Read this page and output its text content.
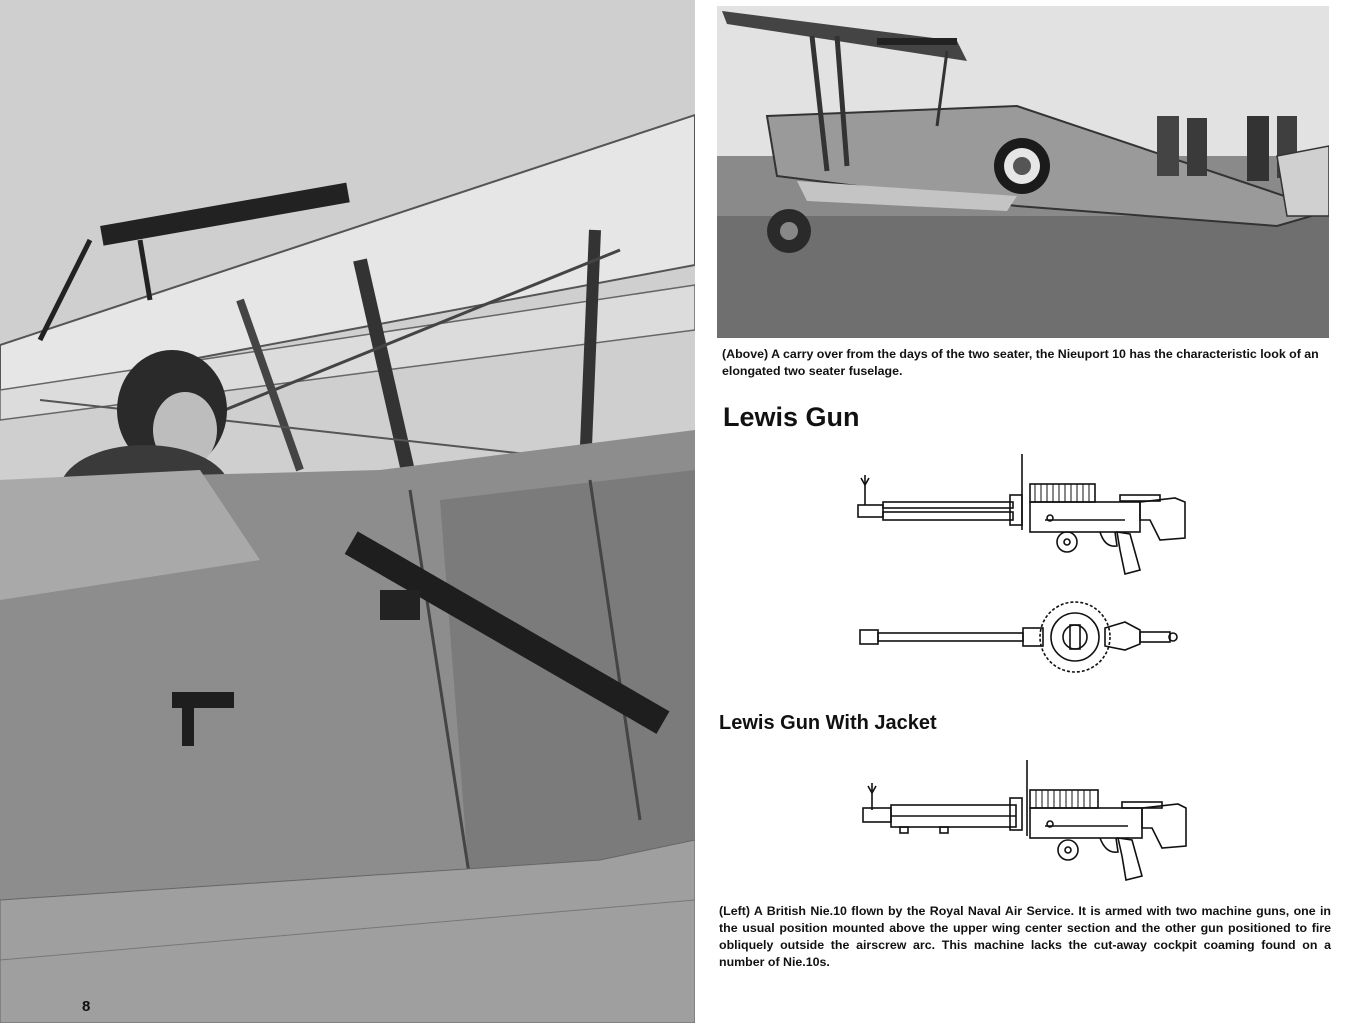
8
(Above) A carry over from the days of the two seater, the Nieuport 10 has the characteristic look of an elongated two seater fuselage.
Lewis Gun
Lewis Gun With Jacket
(Left) A British Nie.10 flown by the Royal Naval Air Service. It is armed with two machine guns, one in the usual position mounted above the upper wing center section and the other gun positioned to fire obliquely outside the airscrew arc. This machine lacks the cut-away cockpit coaming found on a number of Nie.10s.
